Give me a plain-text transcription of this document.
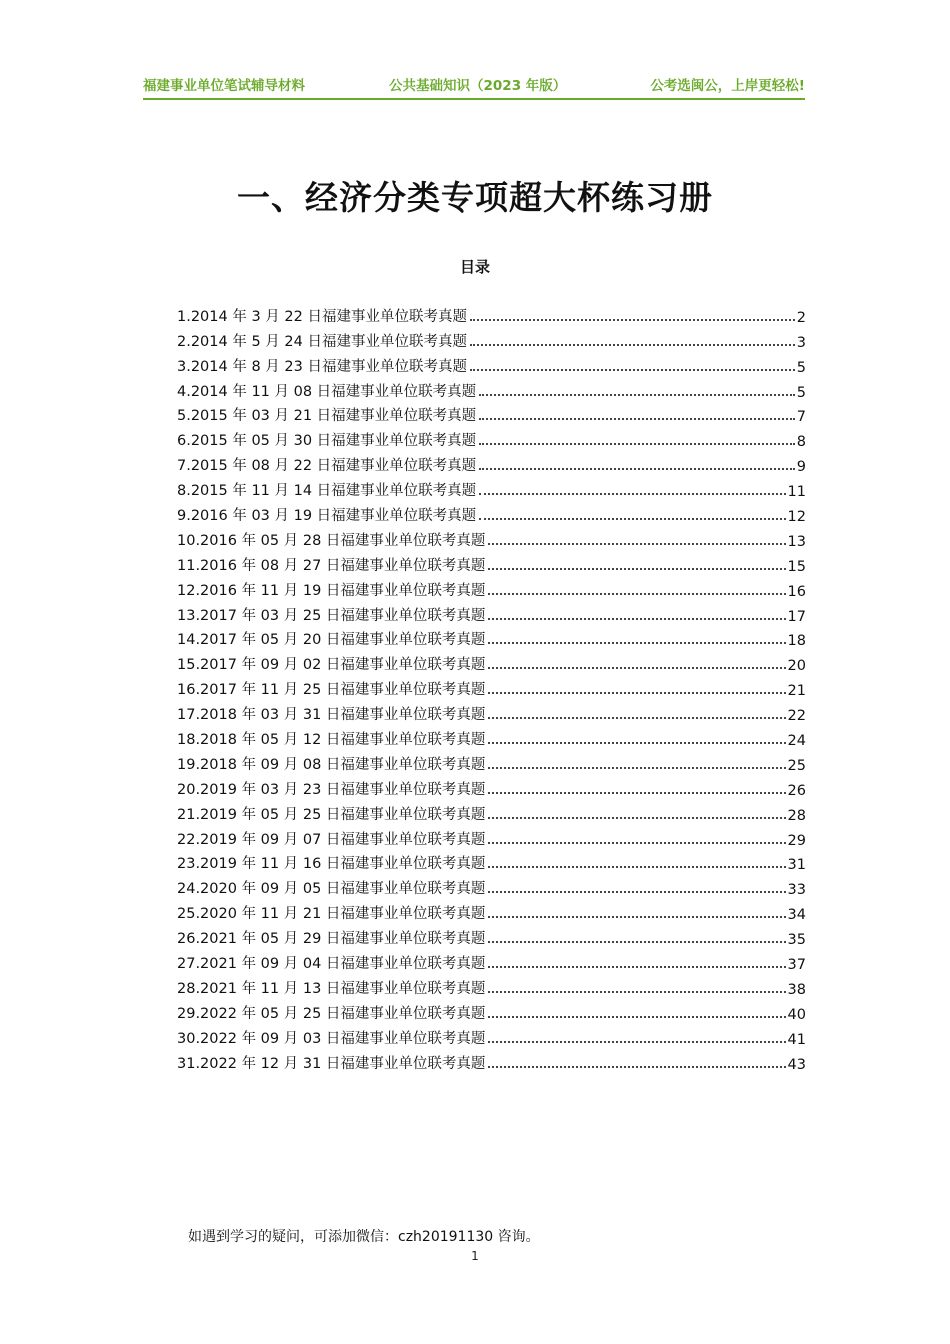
福建事业单位笔试辅导材料	公共基础知识（2023 年版）	公考选闽公，上岸更轻松!
一、经济分类专项超大杯练习册
目录
1.2014 年 3 月 22 日福建事业单位联考真题	2
2.2014 年 5 月 24 日福建事业单位联考真题	3
3.2014 年 8 月 23 日福建事业单位联考真题	5
4.2014 年 11 月 08 日福建事业单位联考真题	5
5.2015 年 03 月 21 日福建事业单位联考真题	7
6.2015 年 05 月 30 日福建事业单位联考真题	8
7.2015 年 08 月 22 日福建事业单位联考真题	9
8.2015 年 11 月 14 日福建事业单位联考真题	11
9.2016 年 03 月 19 日福建事业单位联考真题	12
10.2016 年 05 月 28 日福建事业单位联考真题	13
11.2016 年 08 月 27 日福建事业单位联考真题	15
12.2016 年 11 月 19 日福建事业单位联考真题	16
13.2017 年 03 月 25 日福建事业单位联考真题	17
14.2017 年 05 月 20 日福建事业单位联考真题	18
15.2017 年 09 月 02 日福建事业单位联考真题	20
16.2017 年 11 月 25 日福建事业单位联考真题	21
17.2018 年 03 月 31 日福建事业单位联考真题	22
18.2018 年 05 月 12 日福建事业单位联考真题	24
19.2018 年 09 月 08 日福建事业单位联考真题	25
20.2019 年 03 月 23 日福建事业单位联考真题	26
21.2019 年 05 月 25 日福建事业单位联考真题	28
22.2019 年 09 月 07 日福建事业单位联考真题	29
23.2019 年 11 月 16 日福建事业单位联考真题	31
24.2020 年 09 月 05 日福建事业单位联考真题	33
25.2020 年 11 月 21 日福建事业单位联考真题	34
26.2021 年 05 月 29 日福建事业单位联考真题	35
27.2021 年 09 月 04 日福建事业单位联考真题	37
28.2021 年 11 月 13 日福建事业单位联考真题	38
29.2022 年 05 月 25 日福建事业单位联考真题	40
30.2022 年 09 月 03 日福建事业单位联考真题	41
31.2022 年 12 月 31 日福建事业单位联考真题	43
如遇到学习的疑问，可添加微信：czh20191130 咨询。
1
